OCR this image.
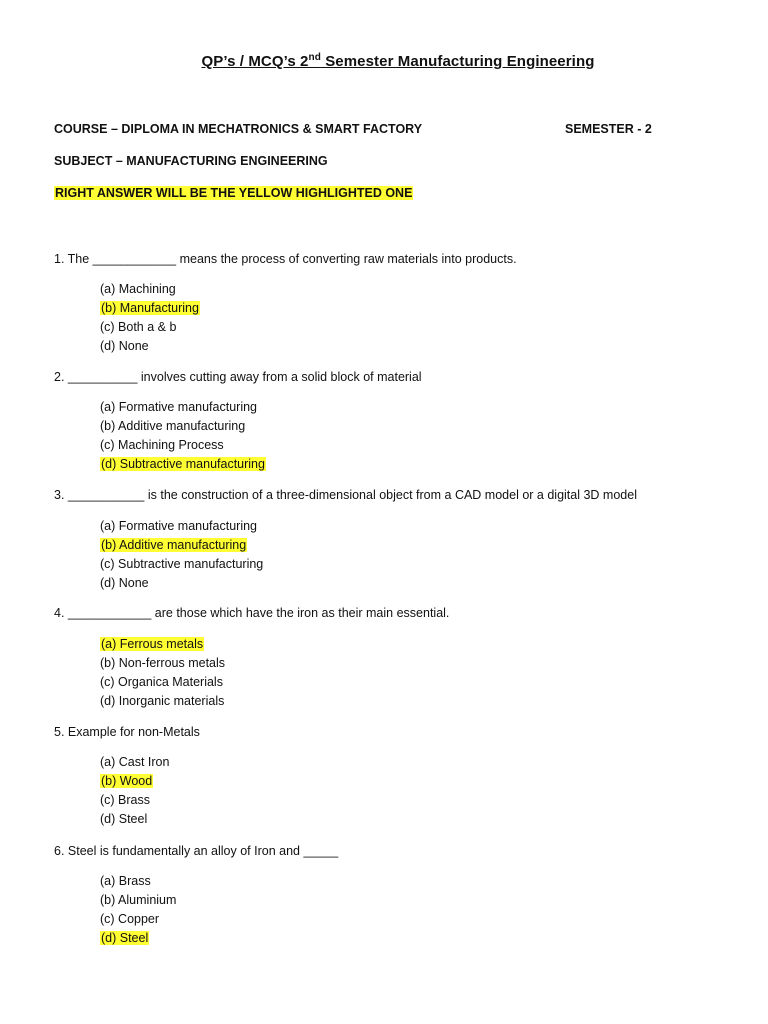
QP’s / MCQ’s 2nd Semester Manufacturing Engineering
COURSE – DIPLOMA IN MECHATRONICS & SMART FACTORY	SEMESTER - 2
SUBJECT – MANUFACTURING ENGINEERING
RIGHT ANSWER WILL BE THE YELLOW HIGHLIGHTED ONE
1. The ____________ means the process of converting raw materials into products.
(a) Machining
(b) Manufacturing
(c) Both a & b
(d) None
2. __________ involves cutting away from a solid block of material
(a) Formative manufacturing
(b) Additive manufacturing
(c) Machining Process
(d) Subtractive manufacturing
3. ___________ is the construction of a three-dimensional object from a CAD model or a digital 3D model
(a) Formative manufacturing
(b) Additive manufacturing
(c) Subtractive manufacturing
(d) None
4. ____________ are those which have the iron as their main essential.
(a) Ferrous metals
(b) Non-ferrous metals
(c) Organica Materials
(d) Inorganic materials
5. Example for non-Metals
(a) Cast Iron
(b) Wood
(c) Brass
(d) Steel
6. Steel is fundamentally an alloy of Iron and _____
(a) Brass
(b) Aluminium
(c) Copper
(d) Steel
